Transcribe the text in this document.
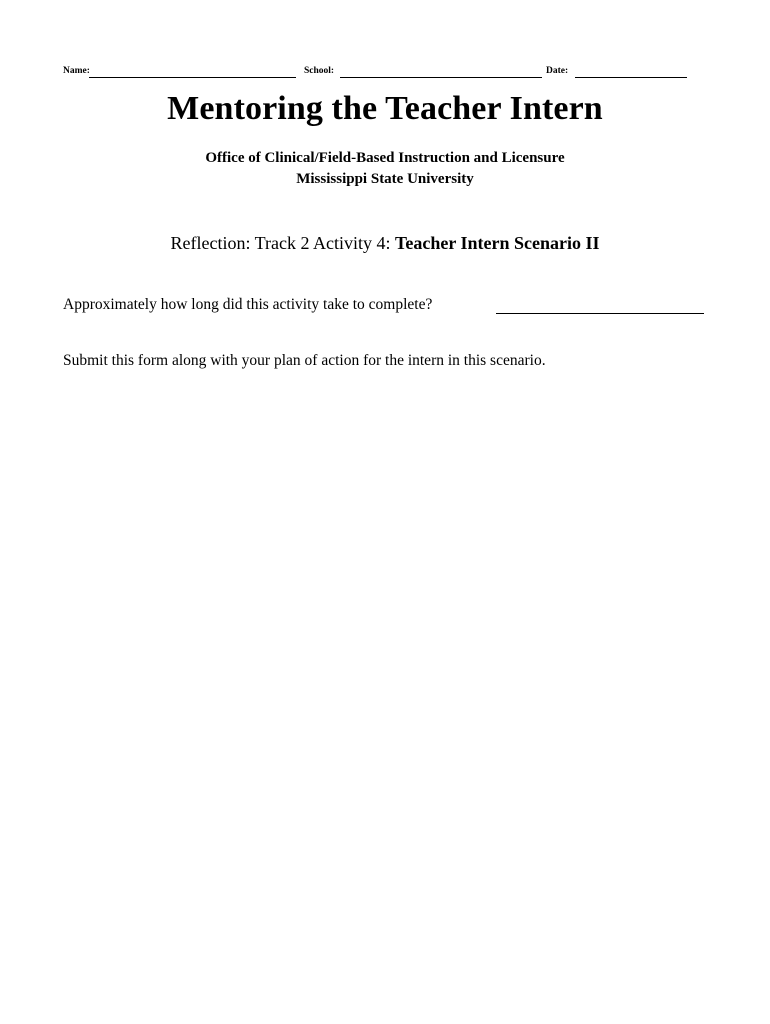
Name:	School:	Date:
Mentoring the Teacher Intern
Office of Clinical/Field-Based Instruction and Licensure
Mississippi State University
Reflection: Track 2 Activity 4: Teacher Intern Scenario II
Approximately how long did this activity take to complete?
Submit this form along with your plan of action for the intern in this scenario.
